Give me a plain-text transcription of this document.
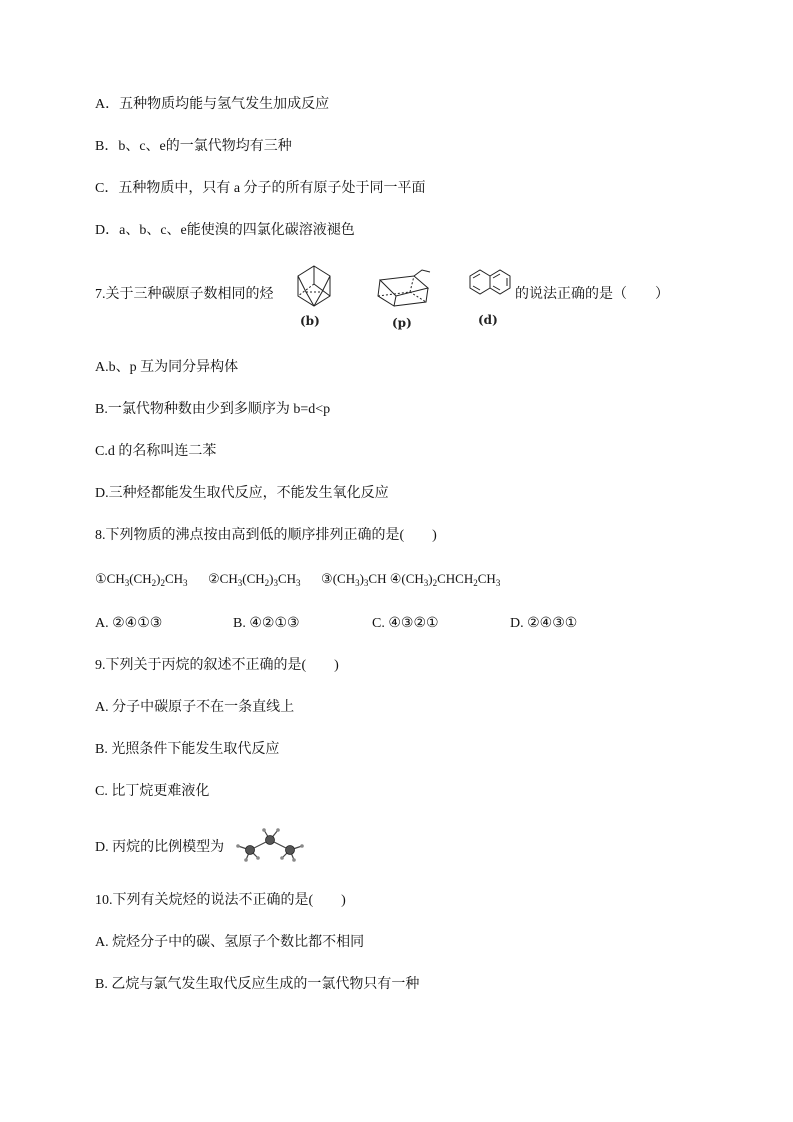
A．五种物质均能与氢气发生加成反应
B．b、c、e的一氯代物均有三种
C．五种物质中，只有 a 分子的所有原子处于同一平面
D．a、b、c、e能使溴的四氯化碳溶液褪色
7.关于三种碳原子数相同的烃
(b)	(p)	(d)
的说法正确的是（　　）
A.b、p 互为同分异构体
B.一氯代物种数由少到多顺序为 b=d<p
C.d 的名称叫连二苯
D.三种烃都能发生取代反应，不能发生氧化反应
8.下列物质的沸点按由高到低的顺序排列正确的是(　　)
$①CH_3(CH_2)_2CH_3$ $②CH_3(CH_2)_3CH_3$ $③(CH_3)_3CH$ $④(CH_3)_2CHCH_2CH_3$
A. ②④①③	B. ④②①③	C. ④③②①	D. ②④③①
9.下列关于丙烷的叙述不正确的是(　　)
A. 分子中碳原子不在一条直线上
B. 光照条件下能发生取代反应
C. 比丁烷更难液化
D. 丙烷的比例模型为
10.下列有关烷烃的说法不正确的是(　　)
A. 烷烃分子中的碳、氢原子个数比都不相同
B. 乙烷与氯气发生取代反应生成的一氯代物只有一种
